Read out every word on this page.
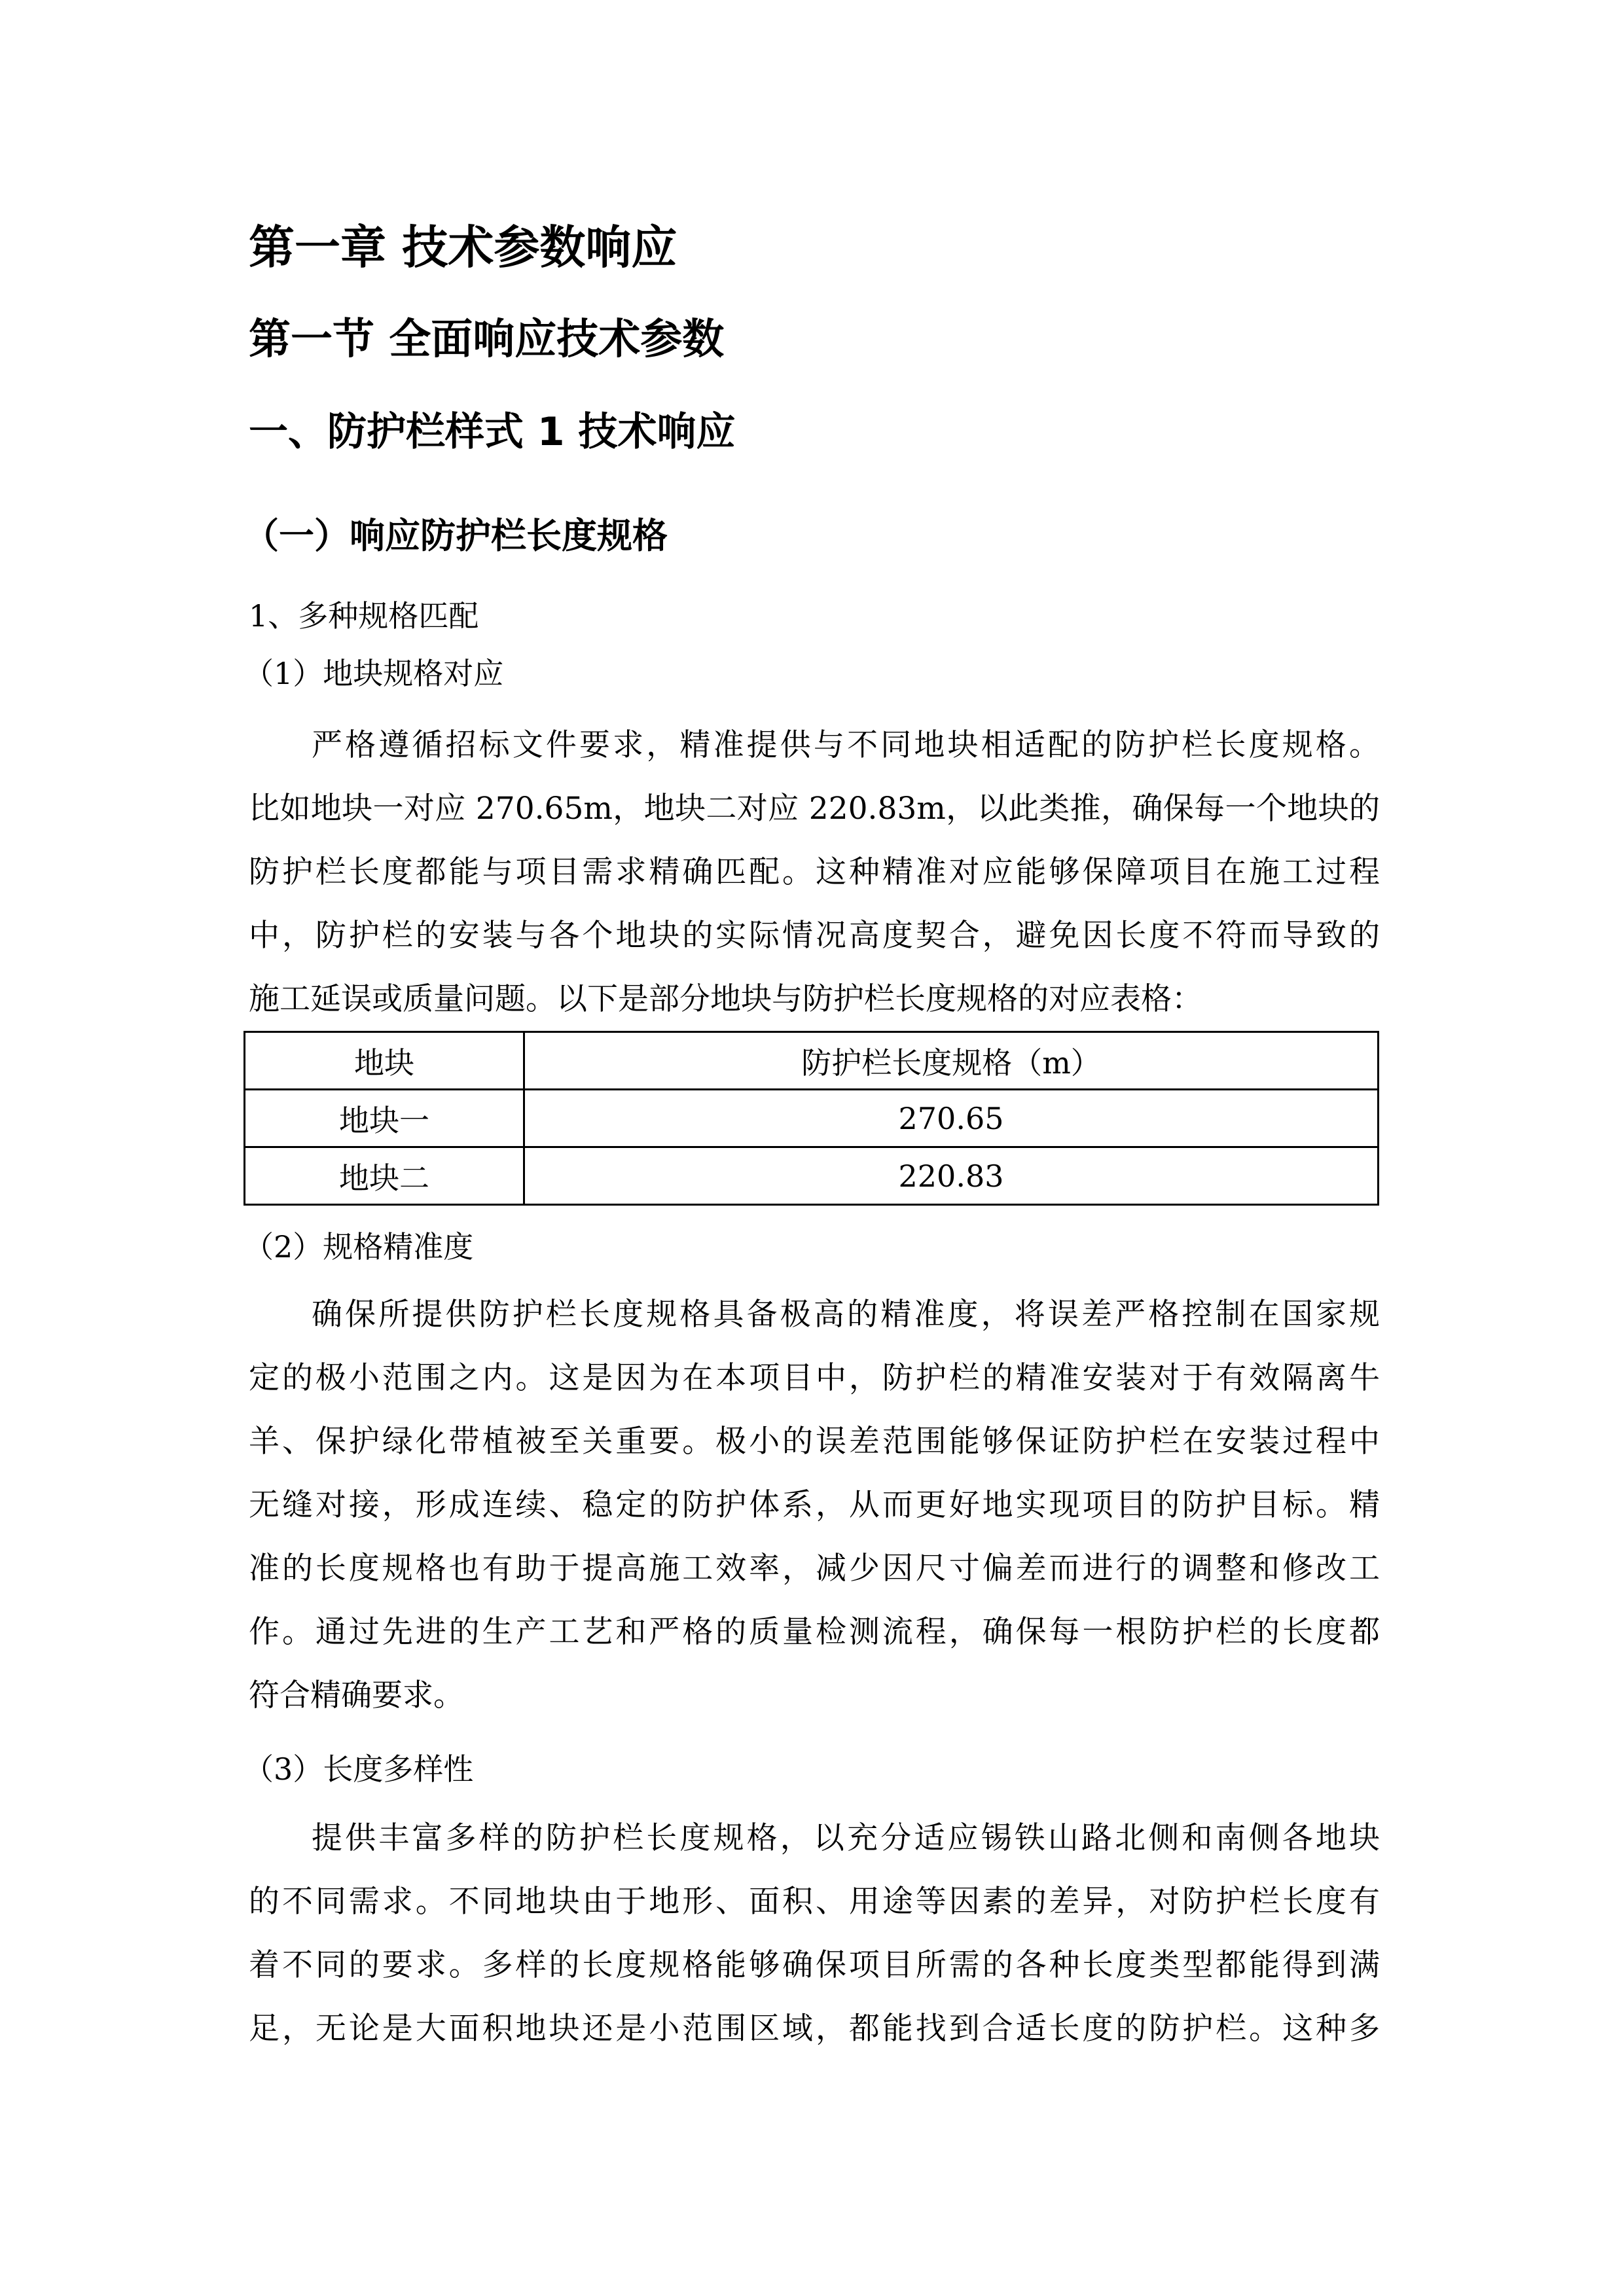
第一章 技术参数响应
第一节 全面响应技术参数
一、防护栏样式 1 技术响应
（一）响应防护栏长度规格
1、多种规格匹配
（1）地块规格对应
严格遵循招标文件要求，精准提供与不同地块相适配的防护栏长度规格。
比如地块一对应 270.65m，地块二对应 220.83m，以此类推，确保每一个地块的
防护栏长度都能与项目需求精确匹配。这种精准对应能够保障项目在施工过程
中，防护栏的安装与各个地块的实际情况高度契合，避免因长度不符而导致的
施工延误或质量问题。以下是部分地块与防护栏长度规格的对应表格：
地块	防护栏长度规格（m）
地块一	270.65
地块二	220.83
（2）规格精准度
确保所提供防护栏长度规格具备极高的精准度，将误差严格控制在国家规
定的极小范围之内。这是因为在本项目中，防护栏的精准安装对于有效隔离牛
羊、保护绿化带植被至关重要。极小的误差范围能够保证防护栏在安装过程中
无缝对接，形成连续、稳定的防护体系，从而更好地实现项目的防护目标。精
准的长度规格也有助于提高施工效率，减少因尺寸偏差而进行的调整和修改工
作。通过先进的生产工艺和严格的质量检测流程，确保每一根防护栏的长度都
符合精确要求。
（3）长度多样性
提供丰富多样的防护栏长度规格，以充分适应锡铁山路北侧和南侧各地块
的不同需求。不同地块由于地形、面积、用途等因素的差异，对防护栏长度有
着不同的要求。多样的长度规格能够确保项目所需的各种长度类型都能得到满
足，无论是大面积地块还是小范围区域，都能找到合适长度的防护栏。这种多
